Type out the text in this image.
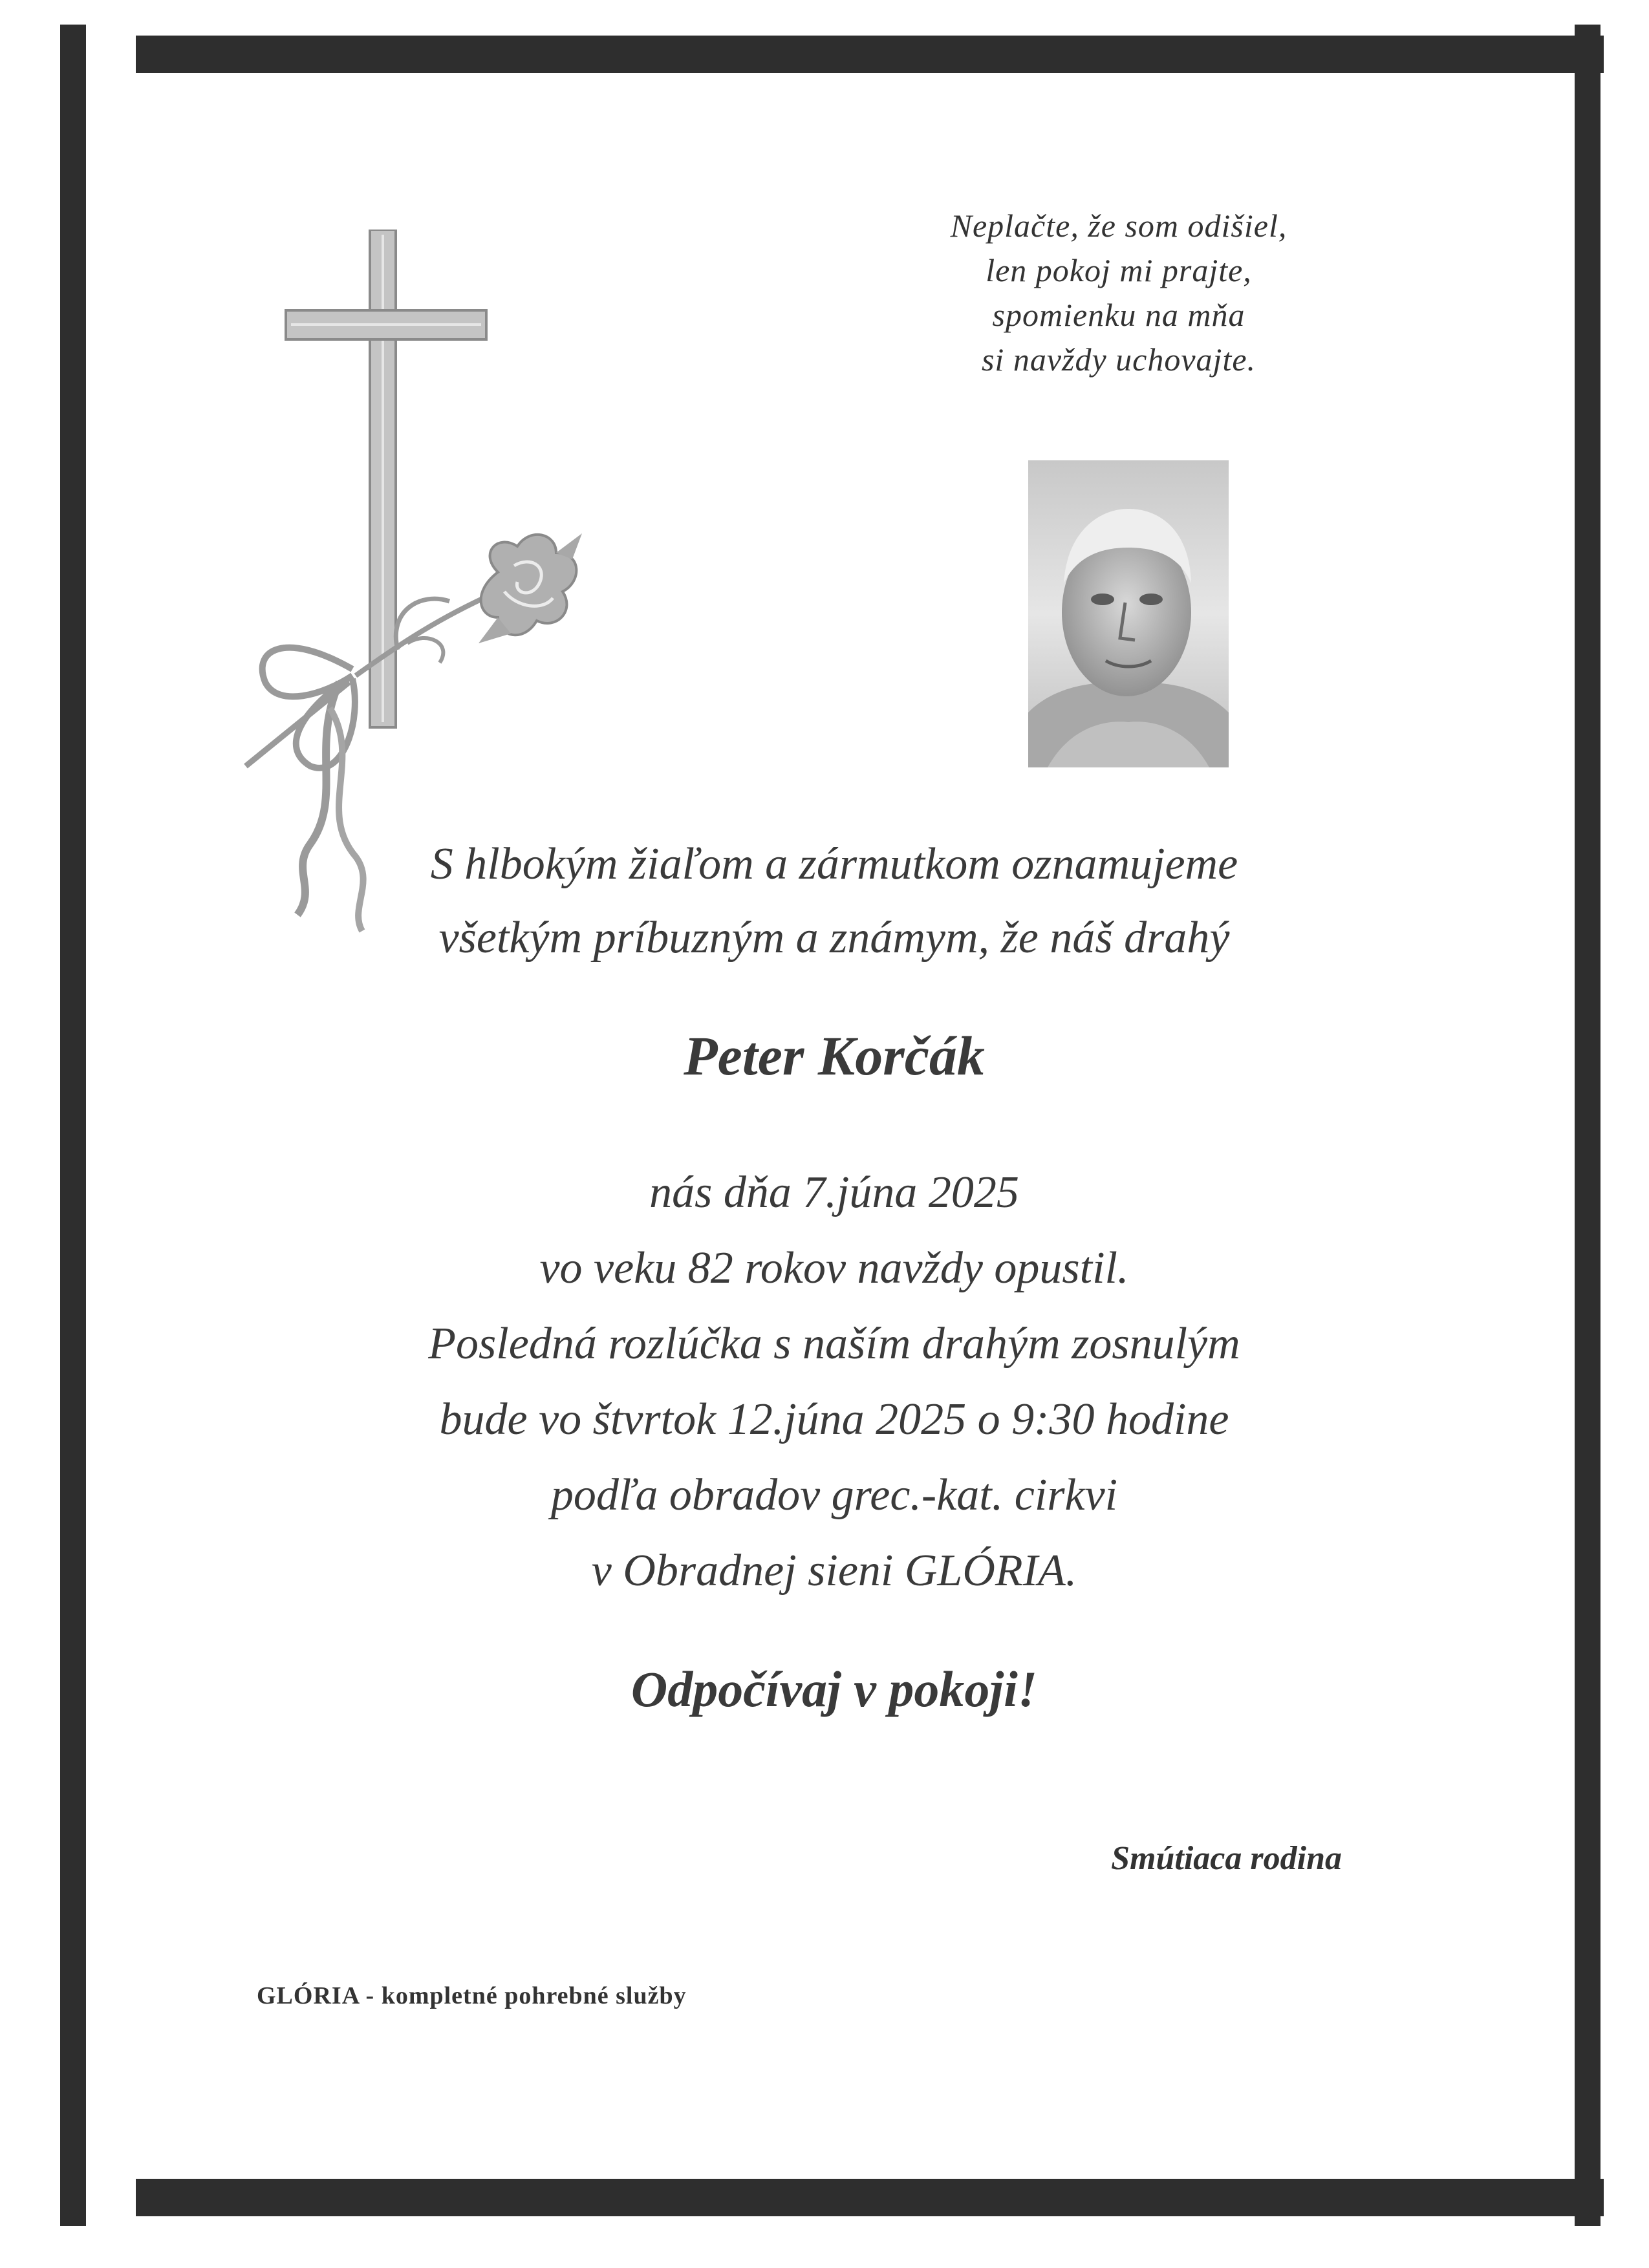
Neplačte, že som odišiel,
len pokoj mi prajte,
spomienku na mňa
si navždy uchovajte.
S hlbokým žiaľom a zármutkom oznamujeme
všetkým príbuzným a známym, že náš drahý
Peter Korčák
nás dňa 7.júna 2025
vo veku 82 rokov navždy opustil.
Posledná rozlúčka s naším drahým zosnulým
bude vo štvrtok 12.júna 2025 o 9:30 hodine
podľa obradov grec.-kat. cirkvi
v Obradnej sieni GLÓRIA.
Odpočívaj v pokoji!
Smútiaca rodina
GLÓRIA - kompletné pohrebné služby
